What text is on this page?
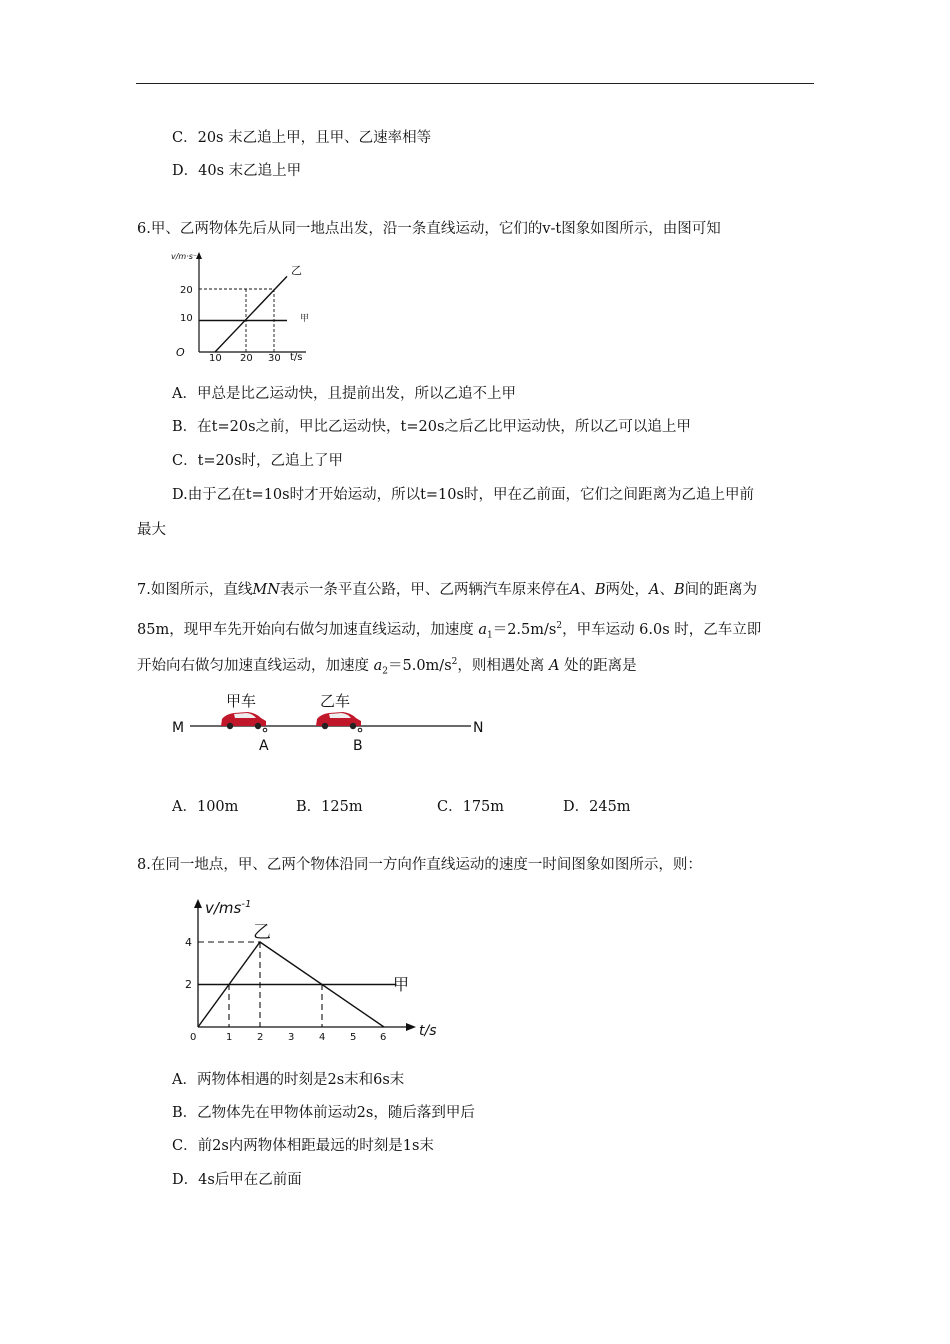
C．20s 末乙追上甲，且甲、乙速率相等
D．40s 末乙追上甲
6.甲、乙两物体先后从同一地点出发，沿一条直线运动，它们的v-t图象如图所示，由图可知
v/m·s⁻¹
20
10
O 10 20 30 t/s
乙
甲
A．甲总是比乙运动快，且提前出发，所以乙追不上甲
B．在t=20s之前，甲比乙运动快，t=20s之后乙比甲运动快，所以乙可以追上甲
C．t=20s时，乙追上了甲
D.由于乙在t=10s时才开始运动，所以t=10s时，甲在乙前面，它们之间距离为乙追上甲前
最大
7.如图所示，直线MN表示一条平直公路，甲、乙两辆汽车原来停在A、B两处，A、B间的距离为
85m，现甲车先开始向右做匀加速直线运动，加速度 $a_1=2.5m/s^2$，甲车运动 6.0s 时，乙车立即
开始向右做匀加速直线运动，加速度 $a_2=5.0m/s^2$，则相遇处离 A 处的距离是
甲车	乙车
M	N
A	B
A．100m	B．125m	C．175m	D．245m
8.在同一地点，甲、乙两个物体沿同一方向作直线运动的速度一时间图象如图所示，则：
$v/ms^{-1}$
4
2
0	1 2 3 4 5 6 t/s
乙
甲
A．两物体相遇的时刻是2s末和6s末
B．乙物体先在甲物体前运动2s，随后落到甲后
C．前2s内两物体相距最远的时刻是1s末
D．4s后甲在乙前面
